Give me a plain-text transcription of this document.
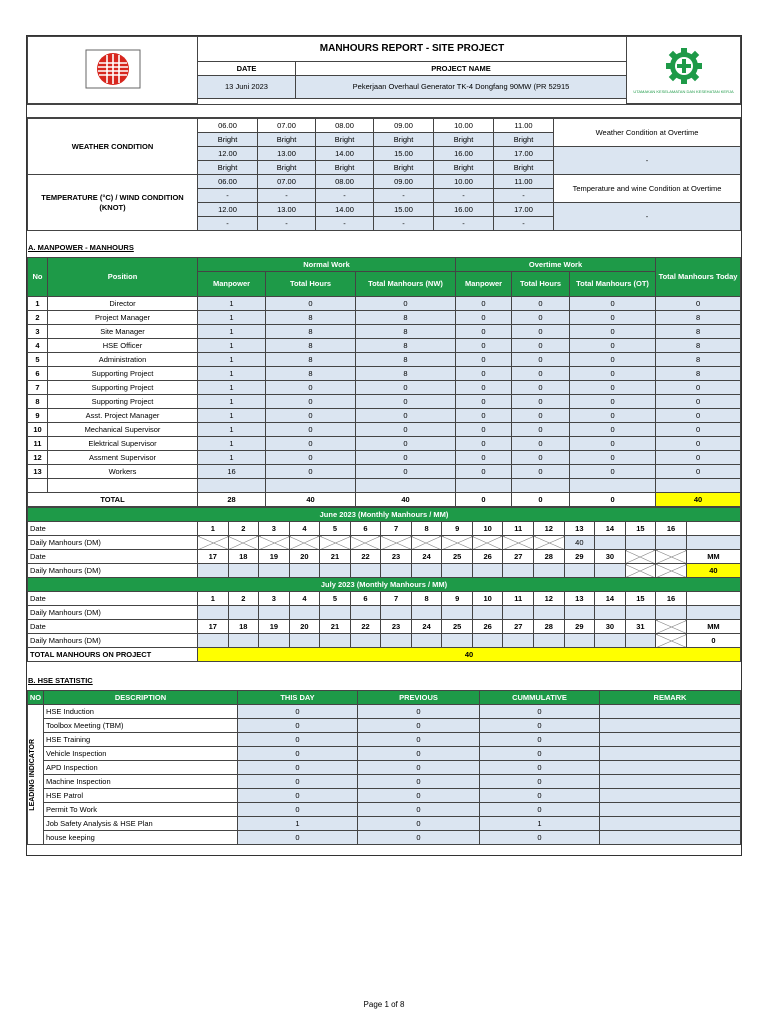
	MANHOURS REPORT - SITE PROJECT		UTAMAKAN KESELAMATAN DAN KESEHATAN KERJA

	DATE	PROJECT NAME	
	13 Juni 2023	Pekerjaan Overhaul Generator TK-4 Dongfang 90MW (PR 52915	

WEATHER CONDITION	06.00	07.00	08.00	09.00	10.00	11.00	Weather Condition at Overtime
	Bright	Bright	Bright	Bright	Bright	Bright	
	12.00	13.00	14.00	15.00	16.00	17.00	-
	Bright	Bright	Bright	Bright	Bright	Bright	
TEMPERATURE (°C) / WIND CONDITION (KNOT)	06.00	07.00	08.00	09.00	10.00	11.00	Temperature and wine Condition at Overtime
	-	-	-	-	-	-	
	12.00	13.00	14.00	15.00	16.00	17.00	-
	-	-	-	-	-	-	
A. MANPOWER - MANHOURS
No	Position	Normal Work			Overtime Work			Total Manhours Today
		Manpower	Total Hours	Total Manhours (NW)	Manpower	Total Hours	Total Manhours (OT)	
1	Director	1	0	0	0	0	0	0
2	Project Manager	1	8	8	0	0	0	8
3	Site Manager	1	8	8	0	0	0	8
4	HSE Officer	1	8	8	0	0	0	8
5	Administration	1	8	8	0	0	0	8
6	Supporting Project	1	8	8	0	0	0	8
7	Supporting Project	1	0	0	0	0	0	0
8	Supporting Project	1	0	0	0	0	0	0
9	Asst. Project Manager	1	0	0	0	0	0	0
10	Mechanical Supervisor	1	0	0	0	0	0	0
11	Elektrical Supervisor	1	0	0	0	0	0	0
12	Assment Supervisor	1	0	0	0	0	0	0
13	Workers	16	0	0	0	0	0	0

TOTAL		28	40	40	0	0	0	40
June 2023 (Monthly Manhours / MM)																	
Date	1	2	3	4	5	6	7	8	9	10	11	12	13	14	15	16	
Daily Manhours (DM)													40				
Date	17	18	19	20	21	22	23	24	25	26	27	28	29	30			MM
Daily Manhours (DM)																	40
July 2023 (Monthly Manhours / MM)																	
Date	1	2	3	4	5	6	7	8	9	10	11	12	13	14	15	16	
Daily Manhours (DM)																	
Date	17	18	19	20	21	22	23	24	25	26	27	28	29	30	31		MM
Daily Manhours (DM)																	0
TOTAL MANHOURS ON PROJECT	40																
B. HSE STATISTIC
NO	DESCRIPTION	THIS DAY	PREVIOUS	CUMMULATIVE	REMARK

LEADING INDICATOR	HSE Induction	0	0	0	
	Toolbox Meeting (TBM)	0	0	0	
	HSE Training	0	0	0	
	Vehicle Inspection	0	0	0	
	APD Inspection	0	0	0	
	Machine Inspection	0	0	0	
	HSE Patrol	0	0	0	
	Permit To Work	0	0	0	
	Job Safety Analysis & HSE Plan	1	0	1	
	house keeping	0	0	0	
Page 1 of 8
